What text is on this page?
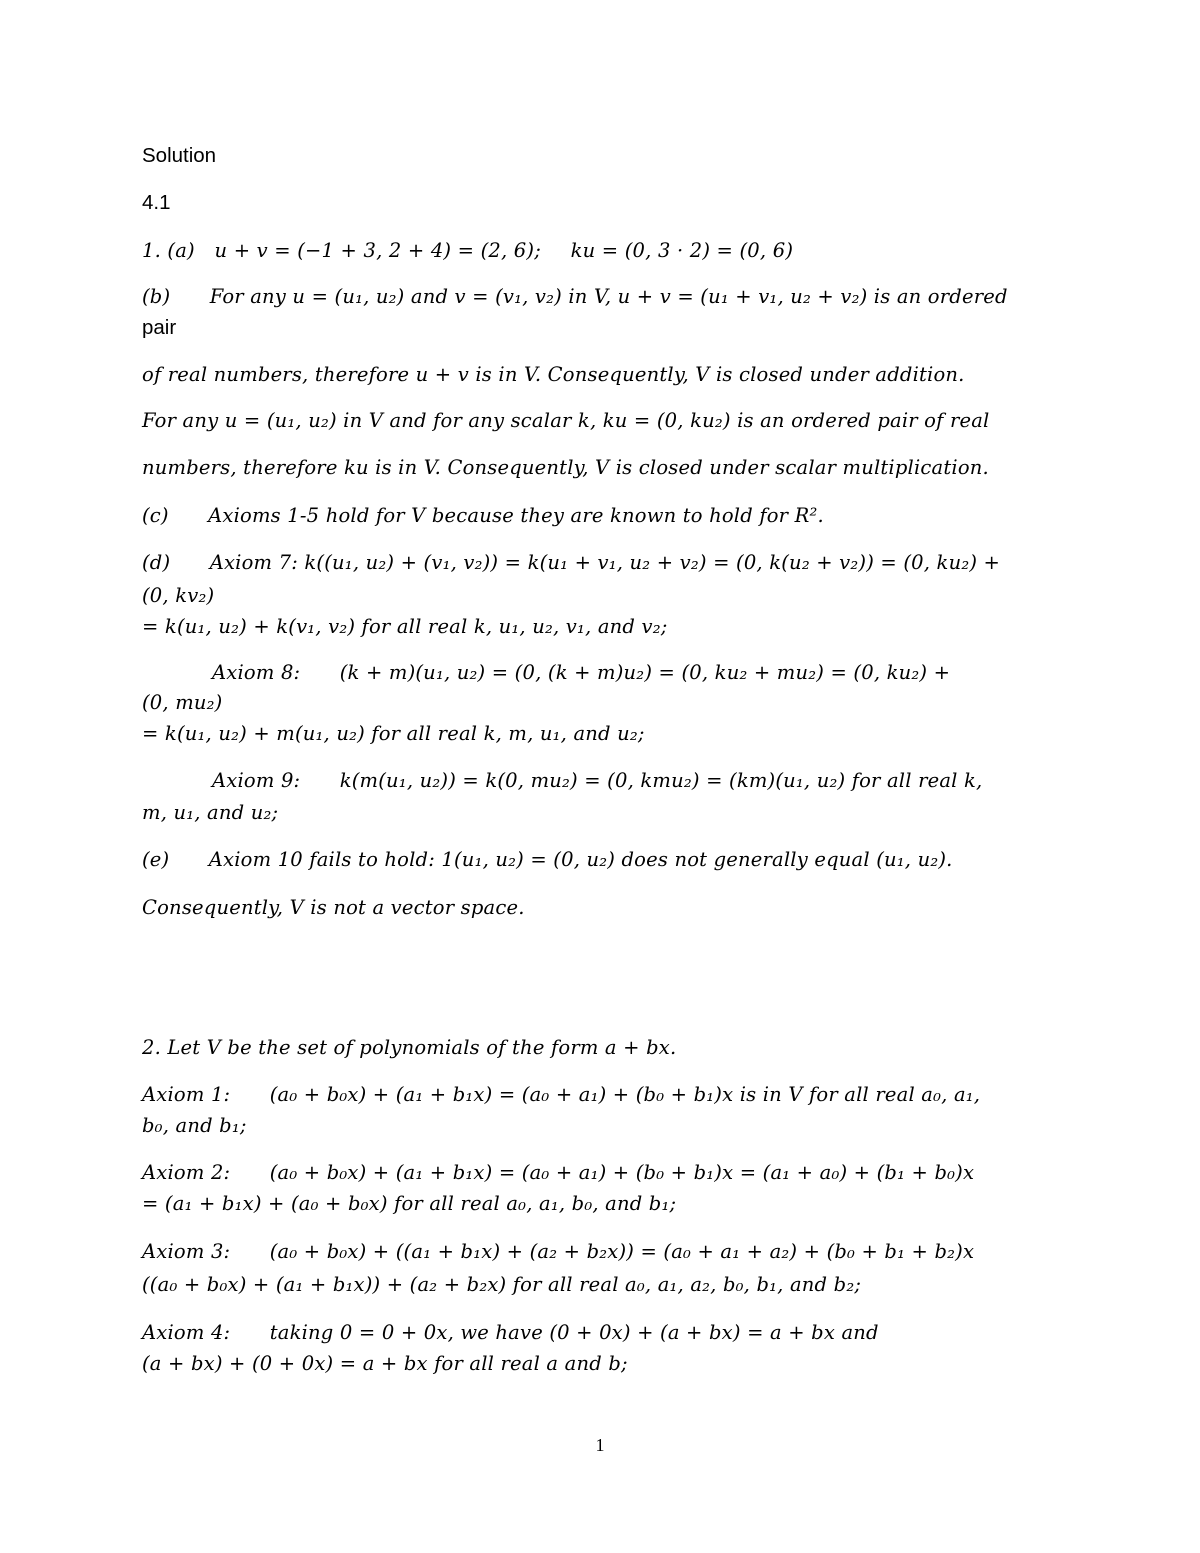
Solution
4.1
1. (a) u + v = (−1 + 3, 2 + 4) = (2, 6);  ku = (0, 3 · 2) = (0, 6)
(b)  For any u = (u₁, u₂) and v = (v₁, v₂) in V, u + v = (u₁ + v₁, u₂ + v₂) is an ordered
pair
of real numbers, therefore u + v is in V. Consequently, V is closed under addition.
For any u = (u₁, u₂) in V and for any scalar k, ku = (0, ku₂) is an ordered pair of real
numbers, therefore ku is in V. Consequently, V is closed under scalar multiplication.
(c)  Axioms 1-5 hold for V because they are known to hold for R².
(d)  Axiom 7: k((u₁, u₂) + (v₁, v₂)) = k(u₁ + v₁, u₂ + v₂) = (0, k(u₂ + v₂)) = (0, ku₂) +
(0, kv₂)
= k(u₁, u₂) + k(v₁, v₂) for all real k, u₁, u₂, v₁, and v₂;
Axiom 8:  (k + m)(u₁, u₂) = (0, (k + m)u₂) = (0, ku₂ + mu₂) = (0, ku₂) +
(0, mu₂)
= k(u₁, u₂) + m(u₁, u₂) for all real k, m, u₁, and u₂;
Axiom 9:  k(m(u₁, u₂)) = k(0, mu₂) = (0, kmu₂) = (km)(u₁, u₂) for all real k,
m, u₁, and u₂;
(e)  Axiom 10 fails to hold: 1(u₁, u₂) = (0, u₂) does not generally equal (u₁, u₂).
Consequently, V is not a vector space.
2. Let V be the set of polynomials of the form a + bx.
Axiom 1:  (a₀ + b₀x) + (a₁ + b₁x) = (a₀ + a₁) + (b₀ + b₁)x is in V for all real a₀, a₁,
b₀, and b₁;
Axiom 2:  (a₀ + b₀x) + (a₁ + b₁x) = (a₀ + a₁) + (b₀ + b₁)x = (a₁ + a₀) + (b₁ + b₀)x
= (a₁ + b₁x) + (a₀ + b₀x) for all real a₀, a₁, b₀, and b₁;
Axiom 3:  (a₀ + b₀x) + ((a₁ + b₁x) + (a₂ + b₂x)) = (a₀ + a₁ + a₂) + (b₀ + b₁ + b₂)x
((a₀ + b₀x) + (a₁ + b₁x)) + (a₂ + b₂x) for all real a₀, a₁, a₂, b₀, b₁, and b₂;
Axiom 4:  taking 0 = 0 + 0x, we have (0 + 0x) + (a + bx) = a + bx and
(a + bx) + (0 + 0x) = a + bx for all real a and b;
1
